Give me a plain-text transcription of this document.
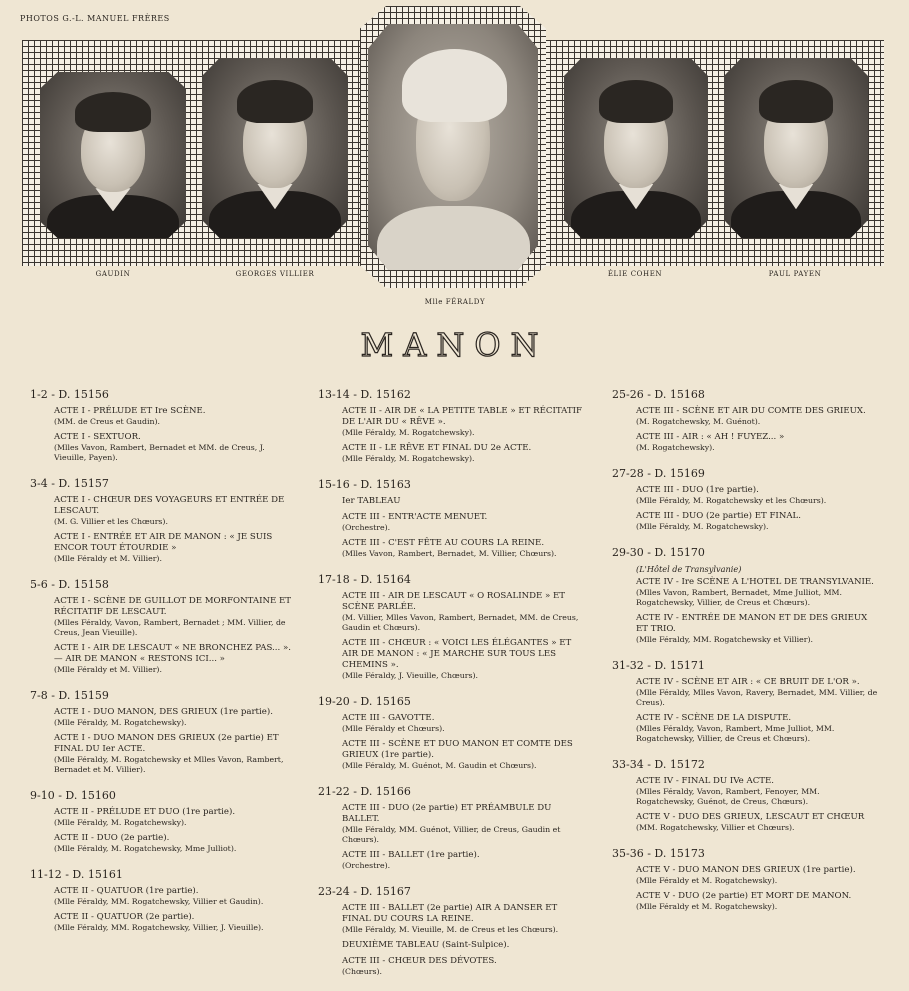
PHOTOS G.-L. MANUEL FRÈRES
GAUDIN	GEORGES VILLIER
Mlle FÉRALDY
ÉLIE COHEN	PAUL PAYEN
MANON
1-2 - D. 15156
ACTE I - PRÉLUDE ET Ire SCÈNE.
(MM. de Creus et Gaudin).
ACTE I - SEXTUOR.
(Mlles Vavon, Rambert, Bernadet et MM. de Creus, J. Vieuille, Payen).
3-4 - D. 15157
ACTE I - CHŒUR DES VOYAGEURS ET ENTRÉE DE LESCAUT.
(M. G. Villier et les Chœurs).
ACTE I - ENTRÉE ET AIR DE MANON : « JE SUIS ENCOR TOUT ÉTOURDIE »
(Mlle Féraldy et M. Villier).
5-6 - D. 15158
ACTE I - SCÈNE DE GUILLOT DE MORFONTAINE ET RÉCITATIF DE LESCAUT.
(Mlles Féraldy, Vavon, Rambert, Bernadet ; MM. Villier, de Creus, Jean Vieuille).
ACTE I - AIR DE LESCAUT « NE BRONCHEZ PAS... ». — AIR DE MANON « RESTONS ICI... »
(Mlle Féraldy et M. Villier).
7-8 - D. 15159
ACTE I - DUO MANON, DES GRIEUX (1re partie).
(Mlle Féraldy, M. Rogatchewsky).
ACTE I - DUO MANON DES GRIEUX (2e partie) ET FINAL DU Ier ACTE.
(Mlle Féraldy, M. Rogatchewsky et Mlles Vavon, Rambert, Bernadet et M. Villier).
9-10 - D. 15160
ACTE II - PRÉLUDE ET DUO (1re partie).
(Mlle Féraldy, M. Rogatchewsky).
ACTE II - DUO (2e partie).
(Mlle Féraldy, M. Rogatchewsky, Mme Julliot).
11-12 - D. 15161
ACTE II - QUATUOR (1re partie).
(Mlle Féraldy, MM. Rogatchewsky, Villier et Gaudin).
ACTE II - QUATUOR (2e partie).
(Mlle Féraldy, MM. Rogatchewsky, Villier, J. Vieuille).
13-14 - D. 15162
ACTE II - AIR DE « LA PETITE TABLE » ET RÉCITATIF DE L'AIR DU « RÊVE ».
(Mlle Féraldy, M. Rogatchewsky).
ACTE II - LE RÊVE ET FINAL DU 2e ACTE.
(Mlle Féraldy, M. Rogatchewsky).
15-16 - D. 15163
Ier TABLEAU
ACTE III - ENTR'ACTE MENUET.
(Orchestre).
ACTE III - C'EST FÊTE AU COURS LA REINE.
(Mlles Vavon, Rambert, Bernadet, M. Villier, Chœurs).
17-18 - D. 15164
ACTE III - AIR DE LESCAUT « O ROSALINDE » ET SCÈNE PARLÉE.
(M. Villier, Mlles Vavon, Rambert, Bernadet, MM. de Creus, Gaudin et Chœurs).
ACTE III - CHŒUR : « VOICI LES ÉLÉGANTES » ET AIR DE MANON : « JE MARCHE SUR TOUS LES CHEMINS ».
(Mlle Féraldy, J. Vieuille, Chœurs).
19-20 - D. 15165
ACTE III - GAVOTTE.
(Mlle Féraldy et Chœurs).
ACTE III - SCÈNE ET DUO MANON ET COMTE DES GRIEUX (1re partie).
(Mlle Féraldy, M. Guénot, M. Gaudin et Chœurs).
21-22 - D. 15166
ACTE III - DUO (2e partie) ET PRÉAMBULE DU BALLET.
(Mlle Féraldy, MM. Guénot, Villier, de Creus, Gaudin et Chœurs).
ACTE III - BALLET (1re partie).
(Orchestre).
23-24 - D. 15167
ACTE III - BALLET (2e partie) AIR A DANSER ET FINAL DU COURS LA REINE.
(Mlle Féraldy, M. Vieuille, M. de Creus et les Chœurs).
DEUXIÈME TABLEAU (Saint-Sulpice).
ACTE III - CHŒUR DES DÉVOTES.
(Chœurs).
25-26 - D. 15168
ACTE III - SCÈNE ET AIR DU COMTE DES GRIEUX.
(M. Rogatchewsky, M. Guénot).
ACTE III - AIR : « AH ! FUYEZ... »
(M. Rogatchewsky).
27-28 - D. 15169
ACTE III - DUO (1re partie).
(Mlle Féraldy, M. Rogatchewsky et les Chœurs).
ACTE III - DUO (2e partie) ET FINAL.
(Mlle Féraldy, M. Rogatchewsky).
29-30 - D. 15170
(L'Hôtel de Transylvanie)
ACTE IV - Ire SCÈNE A L'HOTEL DE TRANSYLVANIE.
(Mlles Vavon, Rambert, Bernadet, Mme Julliot, MM. Rogatchewsky, Villier, de Creus et Chœurs).
ACTE IV - ENTRÉE DE MANON ET DE DES GRIEUX ET TRIO.
(Mlle Féraldy, MM. Rogatchewsky et Villier).
31-32 - D. 15171
ACTE IV - SCÈNE ET AIR : « CE BRUIT DE L'OR ».
(Mlle Féraldy, Mlles Vavon, Ravery, Bernadet, MM. Villier, de Creus).
ACTE IV - SCÈNE DE LA DISPUTE.
(Mlles Féraldy, Vavon, Rambert, Mme Julliot, MM. Rogatchewsky, Villier, de Creus et Chœurs).
33-34 - D. 15172
ACTE IV - FINAL DU IVe ACTE.
(Mlles Féraldy, Vavon, Rambert, Fenoyer, MM. Rogatchewsky, Guénot, de Creus, Chœurs).
ACTE V - DUO DES GRIEUX, LESCAUT ET CHŒUR
(MM. Rogatchewsky, Villier et Chœurs).
35-36 - D. 15173
ACTE V - DUO MANON DES GRIEUX (1re partie).
(Mlle Féraldy et M. Rogatchewsky).
ACTE V - DUO (2e partie) ET MORT DE MANON.
(Mlle Féraldy et M. Rogatchewsky).
